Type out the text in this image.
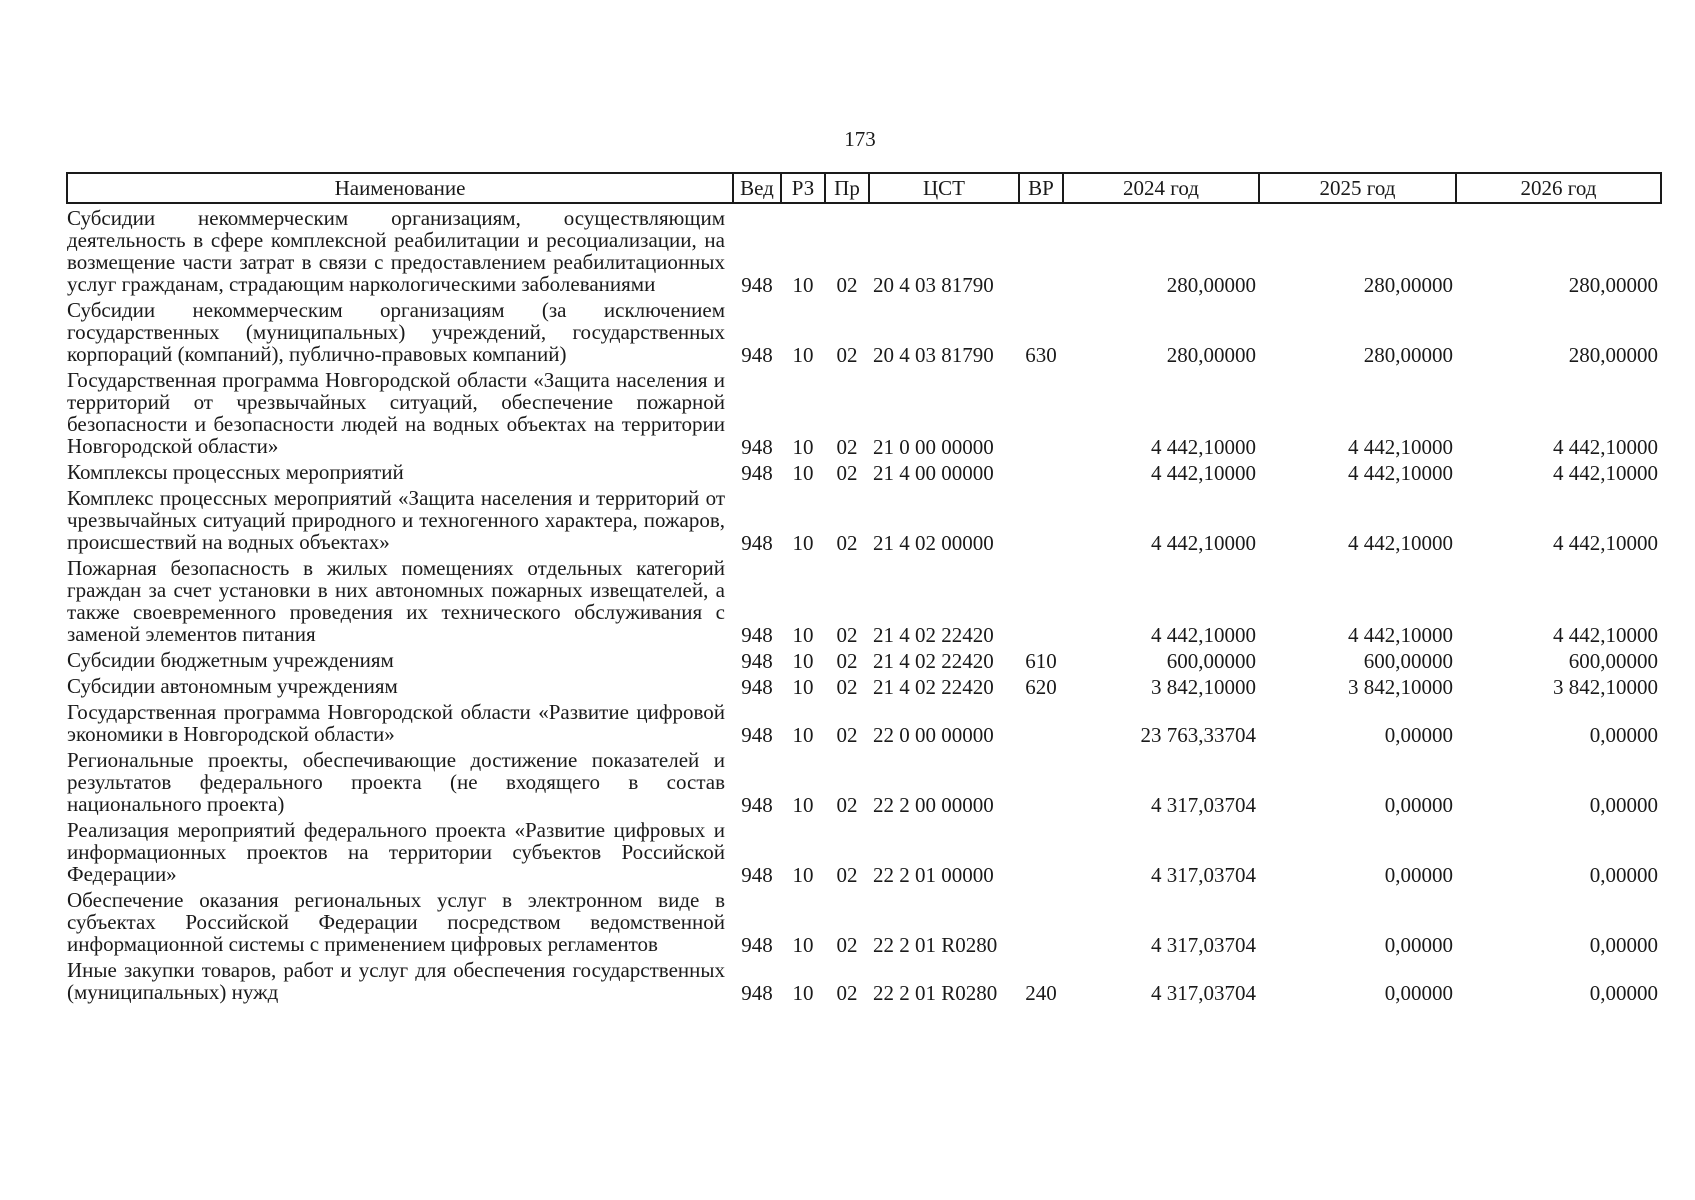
173
Наименование	Вед	РЗ	Пр	ЦСТ	ВР	2024 год	2025 год	2026 год
Субсидии некоммерческим организациям, осуществляющим деятельность в сфере комплексной реабилитации и ресоциализации, на возмещение части затрат в связи с предоставлением реабилитационных услуг гражданам, страдающим наркологическими заболеваниями	948	10	02	20 4 03 81790		280,00000	280,00000	280,00000
Субсидии некоммерческим организациям (за исключением государственных (муниципальных) учреждений, государственных корпораций (компаний), публично-правовых компаний)	948	10	02	20 4 03 81790	630	280,00000	280,00000	280,00000
Государственная программа Новгородской области «Защита населения и территорий от чрезвычайных ситуаций, обеспечение пожарной безопасности и безопасности людей на водных объектах на территории Новгородской области»	948	10	02	21 0 00 00000		4 442,10000	4 442,10000	4 442,10000
Комплексы процессных мероприятий	948	10	02	21 4 00 00000		4 442,10000	4 442,10000	4 442,10000
Комплекс процессных мероприятий «Защита населения и территорий от чрезвычайных ситуаций природного и техногенного характера, пожаров, происшествий на водных объектах»	948	10	02	21 4 02 00000		4 442,10000	4 442,10000	4 442,10000
Пожарная безопасность в жилых помещениях отдельных категорий граждан за счет установки в них автономных пожарных извещателей, а также своевременного проведения их технического обслуживания с заменой элементов питания	948	10	02	21 4 02 22420		4 442,10000	4 442,10000	4 442,10000
Субсидии бюджетным учреждениям	948	10	02	21 4 02 22420	610	600,00000	600,00000	600,00000
Субсидии автономным учреждениям	948	10	02	21 4 02 22420	620	3 842,10000	3 842,10000	3 842,10000
Государственная программа Новгородской области «Развитие цифровой экономики в Новгородской области»	948	10	02	22 0 00 00000		23 763,33704	0,00000	0,00000
Региональные проекты, обеспечивающие достижение показателей и результатов федерального проекта (не входящего в состав национального проекта)	948	10	02	22 2 00 00000		4 317,03704	0,00000	0,00000
Реализация мероприятий федерального проекта «Развитие цифровых и информационных проектов на территории субъектов Российской Федерации»	948	10	02	22 2 01 00000		4 317,03704	0,00000	0,00000
Обеспечение оказания региональных услуг в электронном виде в субъектах Российской Федерации посредством ведомственной информационной системы с применением цифровых регламентов	948	10	02	22 2 01 R0280		4 317,03704	0,00000	0,00000
Иные закупки товаров, работ и услуг для обеспечения государственных (муниципальных) нужд	948	10	02	22 2 01 R0280	240	4 317,03704	0,00000	0,00000
